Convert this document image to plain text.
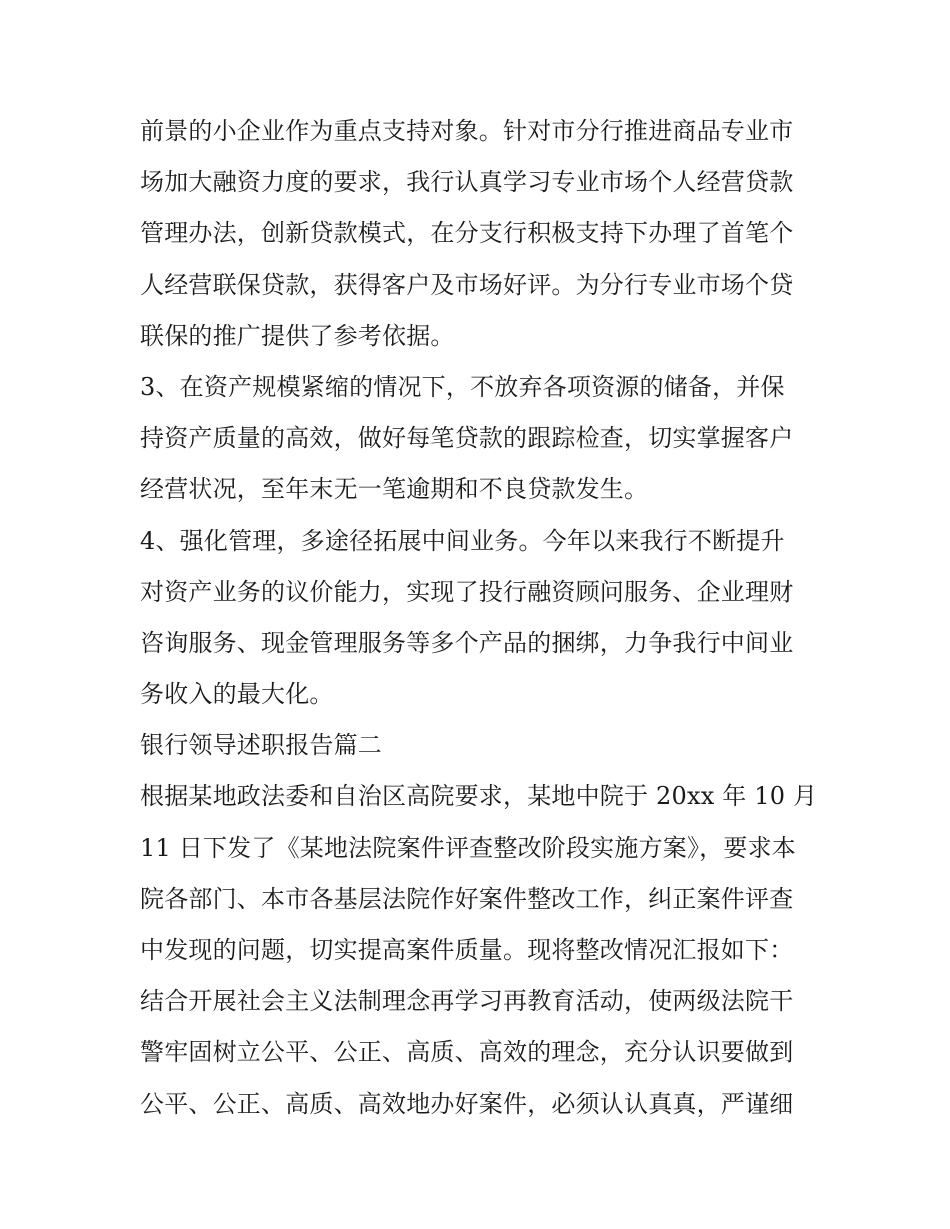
前景的小企业作为重点支持对象。针对市分行推进商品专业市
场加大融资力度的要求，我行认真学习专业市场个人经营贷款
管理办法，创新贷款模式，在分支行积极支持下办理了首笔个
人经营联保贷款，获得客户及市场好评。为分行专业市场个贷
联保的推广提供了参考依据。
3、在资产规模紧缩的情况下，不放弃各项资源的储备，并保
持资产质量的高效，做好每笔贷款的跟踪检查，切实掌握客户
经营状况，至年末无一笔逾期和不良贷款发生。
4、强化管理，多途径拓展中间业务。今年以来我行不断提升
对资产业务的议价能力，实现了投行融资顾问服务、企业理财
咨询服务、现金管理服务等多个产品的捆绑，力争我行中间业
务收入的最大化。
银行领导述职报告篇二
根据某地政法委和自治区高院要求，某地中院于 20xx 年 10 月
11 日下发了《某地法院案件评查整改阶段实施方案》，要求本
院各部门、本市各基层法院作好案件整改工作，纠正案件评查
中发现的问题，切实提高案件质量。现将整改情况汇报如下：
结合开展社会主义法制理念再学习再教育活动，使两级法院干
警牢固树立公平、公正、高质、高效的理念，充分认识要做到
公平、公正、高质、高效地办好案件，必须认认真真，严谨细
